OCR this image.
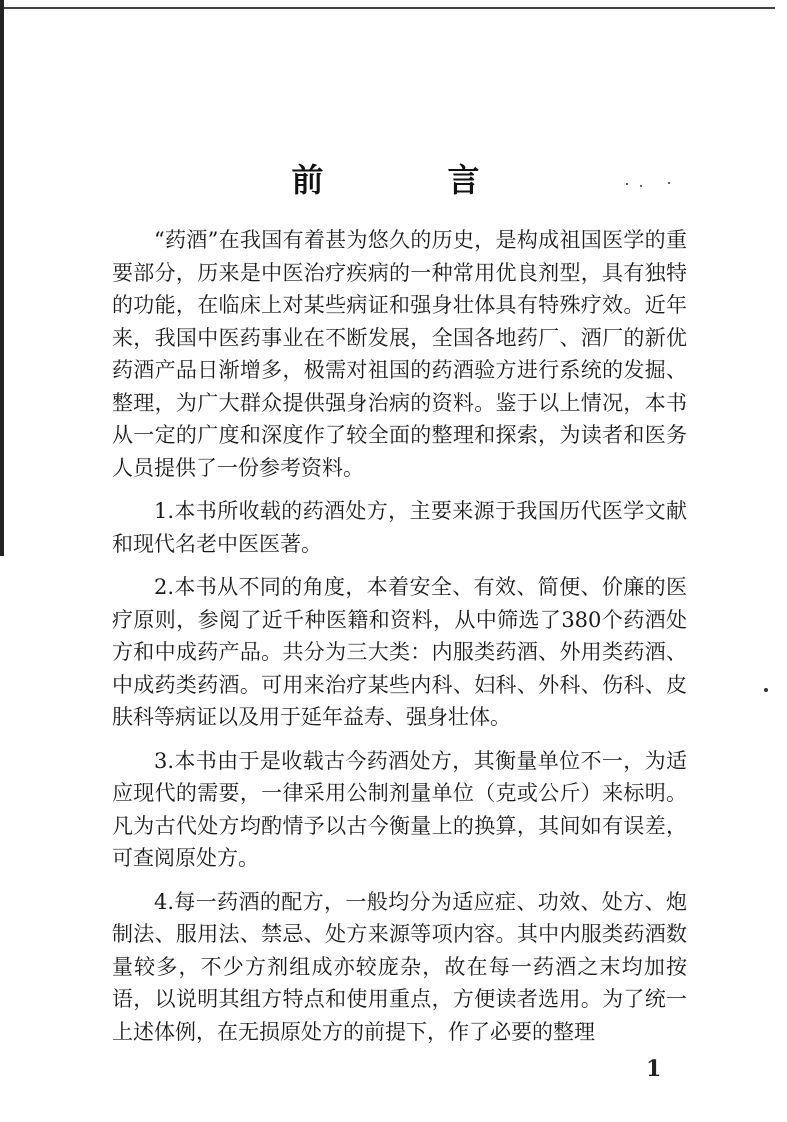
前　言

“药酒”在我国有着甚为悠久的历史，是构成祖国医学的重要部分，历来是中医治疗疾病的一种常用优良剂型，具有独特的功能，在临床上对某些病证和强身壮体具有特殊疗效。近年来，我国中医药事业在不断发展，全国各地药厂、酒厂的新优药酒产品日渐增多，极需对祖国的药酒验方进行系统的发掘、整理，为广大群众提供强身治病的资料。鉴于以上情况，本书从一定的广度和深度作了较全面的整理和探索，为读者和医务人员提供了一份参考资料。

1.本书所收载的药酒处方，主要来源于我国历代医学文献和现代名老中医医著。

2.本书从不同的角度，本着安全、有效、简便、价廉的医疗原则，参阅了近千种医籍和资料，从中筛选了380个药酒处方和中成药产品。共分为三大类：内服类药酒、外用类药酒、中成药类药酒。可用来治疗某些内科、妇科、外科、伤科、皮肤科等病证以及用于延年益寿、强身壮体。

3.本书由于是收载古今药酒处方，其衡量单位不一，为适应现代的需要，一律采用公制剂量单位（克或公斤）来标明。凡为古代处方均酌情予以古今衡量上的换算，其间如有误差，可查阅原处方。

4.每一药酒的配方，一般均分为适应症、功效、处方、炮制法、服用法、禁忌、处方来源等项内容。其中内服类药酒数量较多，不少方剂组成亦较庞杂，故在每一药酒之末均加按语，以说明其组方特点和使用重点，方便读者选用。为了统一上述体例，在无损原处方的前提下，作了必要的整理

1
